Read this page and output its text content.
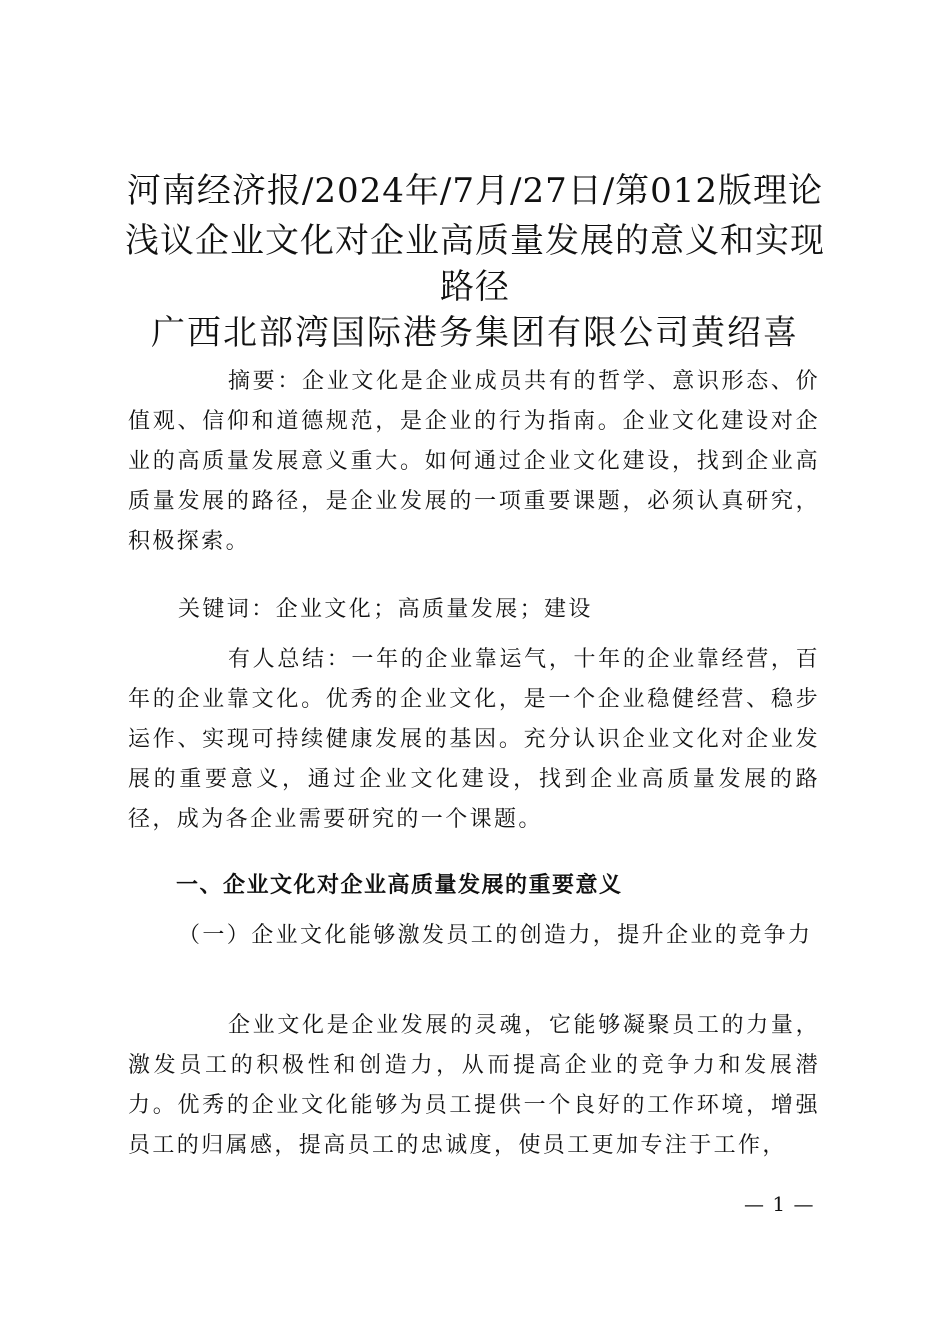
河南经济报/2024年/7月/27日/第012版理论
浅议企业文化对企业高质量发展的意义和实现
路径
广西北部湾国际港务集团有限公司黄绍喜
摘要：企业文化是企业成员共有的哲学、意识形态、价值观、信仰和道德规范，是企业的行为指南。企业文化建设对企业的高质量发展意义重大。如何通过企业文化建设，找到企业高质量发展的路径，是企业发展的一项重要课题，必须认真研究，积极探索。
关键词：企业文化；高质量发展；建设
有人总结：一年的企业靠运气，十年的企业靠经营，百年的企业靠文化。优秀的企业文化，是一个企业稳健经营、稳步运作、实现可持续健康发展的基因。充分认识企业文化对企业发展的重要意义，通过企业文化建设，找到企业高质量发展的路径，成为各企业需要研究的一个课题。
一、企业文化对企业高质量发展的重要意义
（一）企业文化能够激发员工的创造力，提升企业的竞争力
企业文化是企业发展的灵魂，它能够凝聚员工的力量，激发员工的积极性和创造力，从而提高企业的竞争力和发展潜力。优秀的企业文化能够为员工提供一个良好的工作环境，增强员工的归属感，提高员工的忠诚度，使员工更加专注于工作，
— 1 —
